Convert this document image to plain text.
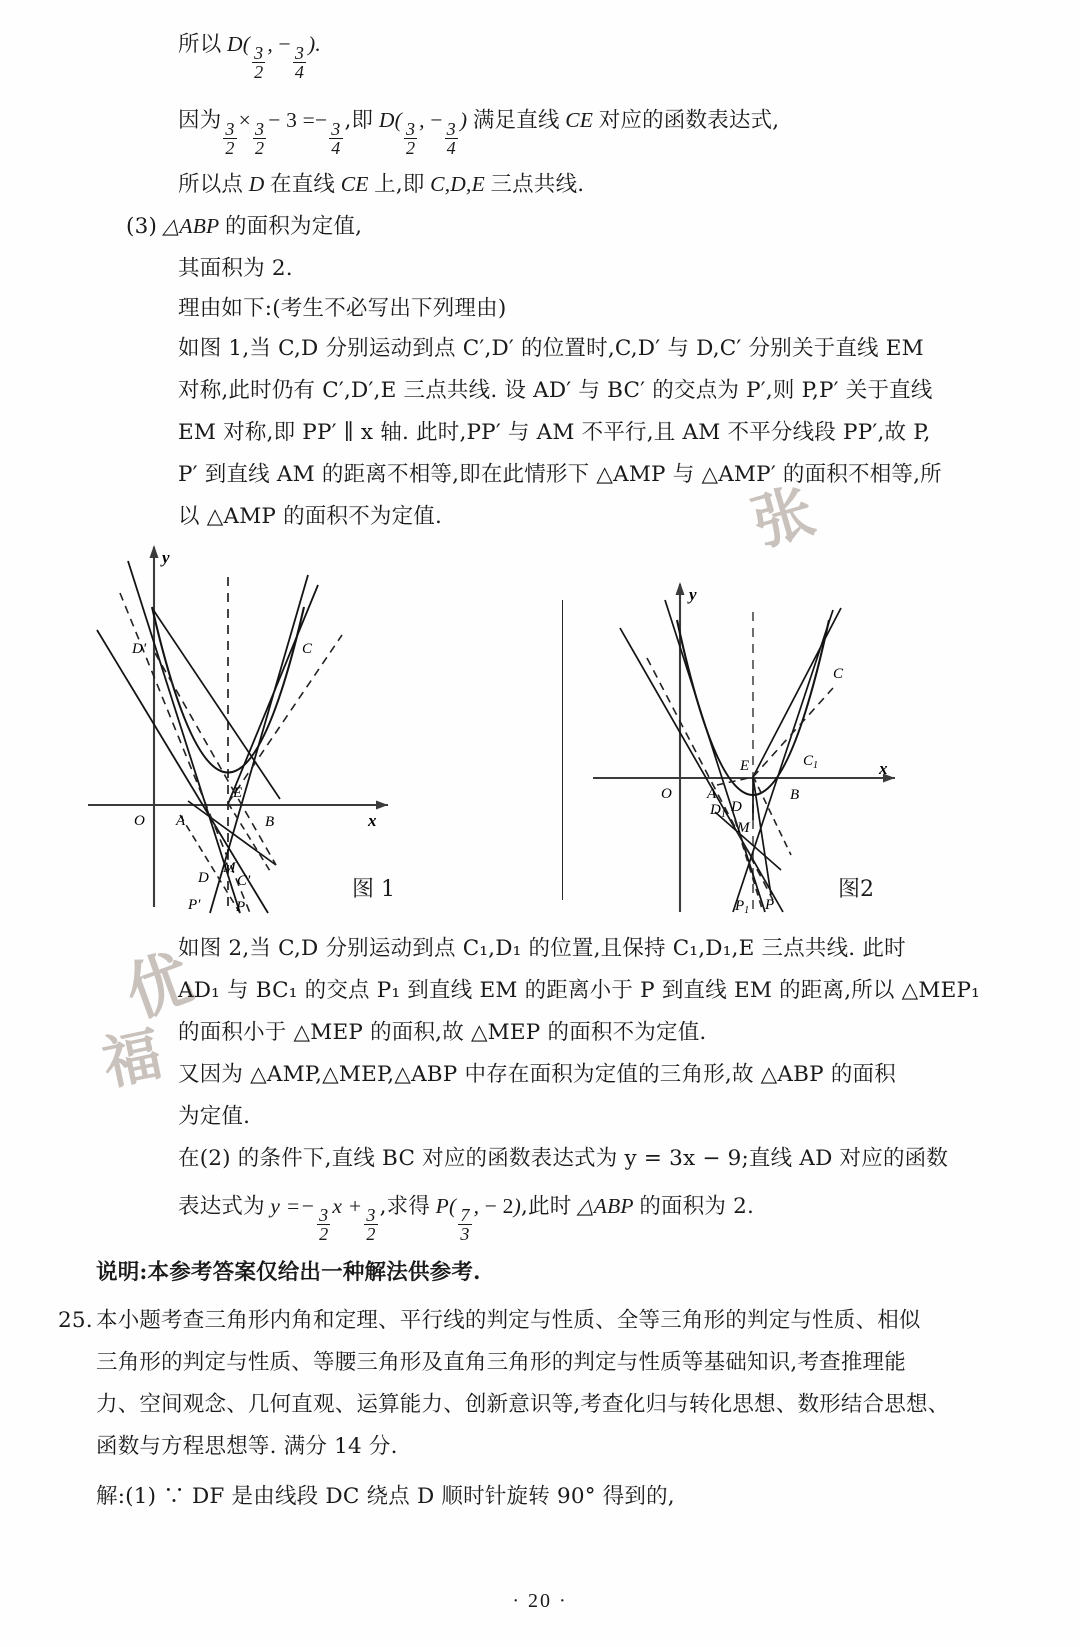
张
优
福
所以 $D( \frac{3}{2}$ , − $\frac{3}{4}$ ).
因为 $\frac{3}{2} \times \frac{3}{2} - 3 =- \frac{3}{4}$ ,即 $D( \frac{3}{2}$ , − $\frac{3}{4}$ ) 满足直线 CE 对应的函数表达式,
所以点 D 在直线 CE 上,即 C,D,E 三点共线.
(3) △ABP 的面积为定值,
其面积为 2.
理由如下:(考生不必写出下列理由)
如图 1,当 C,D 分别运动到点 C′,D′ 的位置时,C,D′ 与 D,C′ 分别关于直线 EM
对称,此时仍有 C′,D′,E 三点共线. 设 AD′ 与 BC′ 的交点为 P′,则 P,P′ 关于直线
EM 对称,即 PP′ ∥ x 轴. 此时,PP′ 与 AM 不平行,且 AM 不平分线段 PP′,故 P,
P′ 到直线 AM 的距离不相等,即在此情形下 △AMP 与 △AMP′ 的面积不相等,所
以 △AMP 的面积不为定值.
D′	C
A	B
E
D C′
M
P′ P
O	x
y
图 1
C
$C_1$
A	B
E
$D_1$ D
M
$P_1$ P
O
x
y
图2
如图 2,当 C,D 分别运动到点 C₁,D₁ 的位置,且保持 C₁,D₁,E 三点共线. 此时
AD₁ 与 BC₁ 的交点 P₁ 到直线 EM 的距离小于 P 到直线 EM 的距离,所以 △MEP₁
的面积小于 △MEP 的面积,故 △MEP 的面积不为定值.
又因为 △AMP,△MEP,△ABP 中存在面积为定值的三角形,故 △ABP 的面积
为定值.
在(2) 的条件下,直线 BC 对应的函数表达式为 y = 3x − 9;直线 AD 对应的函数
表达式为 $y =- \frac{3}{2}$ $x + \frac{3}{2}$ ,求得 $P( \frac{7}{3}$ , − 2),此时 △ABP 的面积为 2.
说明:本参考答案仅给出一种解法供参考.
25. 本小题考查三角形内角和定理、平行线的判定与性质、全等三角形的判定与性质、相似
三角形的判定与性质、等腰三角形及直角三角形的判定与性质等基础知识,考查推理能
力、空间观念、几何直观、运算能力、创新意识等,考查化归与转化思想、数形结合思想、
函数与方程思想等. 满分 14 分.
解:(1) ∵ DF 是由线段 DC 绕点 D 顺时针旋转 90° 得到的,
· 20 ·
